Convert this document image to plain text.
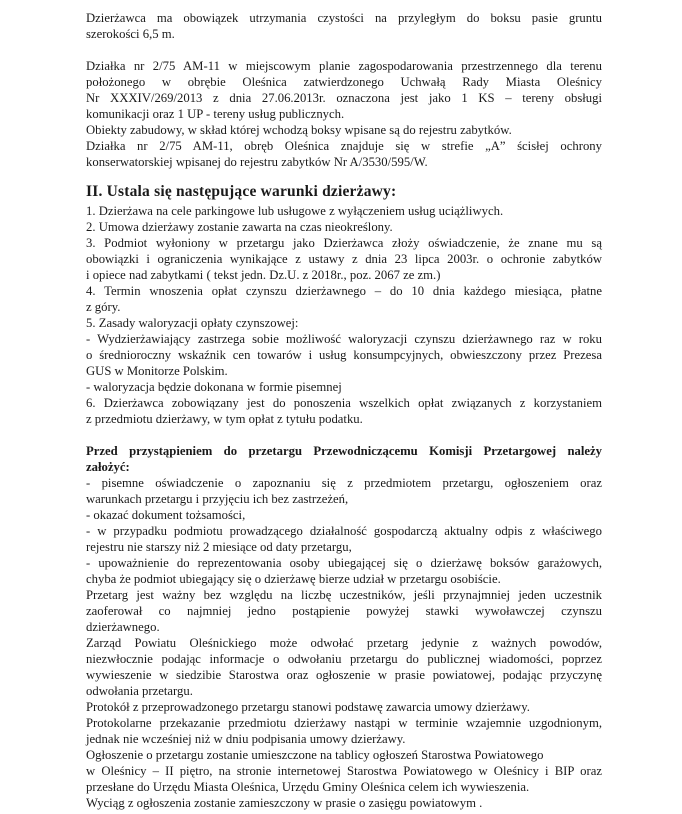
Dzierżawca ma obowiązek utrzymania czystości na przyległym do boksu pasie gruntu
szerokości 6,5 m.
Działka nr 2/75 AM-11 w miejscowym planie zagospodarowania przestrzennego dla terenu
położonego w obrębie Oleśnica zatwierdzonego Uchwałą Rady Miasta Oleśnicy
Nr XXXIV/269/2013 z dnia 27.06.2013r. oznaczona jest jako 1 KS – tereny obsługi
komunikacji oraz 1 UP - tereny usług publicznych.
Obiekty zabudowy, w skład której wchodzą boksy wpisane są do rejestru zabytków.
Działka nr 2/75 AM-11, obręb Oleśnica znajduje się w strefie „A” ścisłej ochrony
konserwatorskiej wpisanej do rejestru zabytków Nr A/3530/595/W.
II. Ustala się następujące warunki dzierżawy:
1. Dzierżawa na cele parkingowe lub usługowe z wyłączeniem usług uciążliwych.
2. Umowa dzierżawy zostanie zawarta na czas nieokreślony.
3. Podmiot wyłoniony w przetargu jako Dzierżawca złoży oświadczenie, że znane mu są
obowiązki i ograniczenia wynikające z ustawy z dnia 23 lipca 2003r. o ochronie zabytków
i opiece nad zabytkami ( tekst jedn. Dz.U. z 2018r., poz. 2067 ze zm.)
4. Termin wnoszenia opłat czynszu dzierżawnego – do 10 dnia każdego miesiąca, płatne
z góry.
5. Zasady waloryzacji opłaty czynszowej:
- Wydzierżawiający zastrzega sobie możliwość waloryzacji czynszu dzierżawnego raz w roku
o średnioroczny wskaźnik cen towarów i usług konsumpcyjnych, obwieszczony przez Prezesa
GUS w Monitorze Polskim.
- waloryzacja będzie dokonana w formie pisemnej
6. Dzierżawca zobowiązany jest do ponoszenia wszelkich opłat związanych z korzystaniem
z przedmiotu dzierżawy, w tym opłat z tytułu podatku.
Przed przystąpieniem do przetargu Przewodniczącemu Komisji Przetargowej należy
założyć:
- pisemne oświadczenie o zapoznaniu się z przedmiotem przetargu, ogłoszeniem oraz
warunkach przetargu i przyjęciu ich bez zastrzeżeń,
- okazać dokument tożsamości,
- w przypadku podmiotu prowadzącego działalność gospodarczą aktualny odpis z właściwego
rejestru nie starszy niż 2 miesiące od daty przetargu,
- upoważnienie do reprezentowania osoby ubiegającej się o dzierżawę boksów garażowych,
chyba że podmiot ubiegający się o dzierżawę bierze udział w przetargu osobiście.
Przetarg jest ważny bez względu na liczbę uczestników, jeśli przynajmniej jeden uczestnik
zaoferował co najmniej jedno postąpienie powyżej stawki wywoławczej czynszu
dzierżawnego.
Zarząd Powiatu Oleśnickiego może odwołać przetarg jedynie z ważnych powodów,
niezwłocznie podając informacje o odwołaniu przetargu do publicznej wiadomości, poprzez
wywieszenie w siedzibie Starostwa oraz ogłoszenie w prasie powiatowej, podając przyczynę
odwołania przetargu.
Protokół z przeprowadzonego przetargu stanowi podstawę zawarcia umowy dzierżawy.
Protokolarne przekazanie przedmiotu dzierżawy nastąpi w terminie wzajemnie uzgodnionym,
jednak nie wcześniej niż w dniu podpisania umowy dzierżawy.
Ogłoszenie o przetargu zostanie umieszczone na tablicy ogłoszeń Starostwa Powiatowego
w Oleśnicy – II piętro, na stronie internetowej Starostwa Powiatowego w Oleśnicy i BIP oraz
przesłane do Urzędu Miasta Oleśnica, Urzędu Gminy Oleśnica celem ich wywieszenia.
Wyciąg z ogłoszenia zostanie zamieszczony w prasie o zasięgu powiatowym .
